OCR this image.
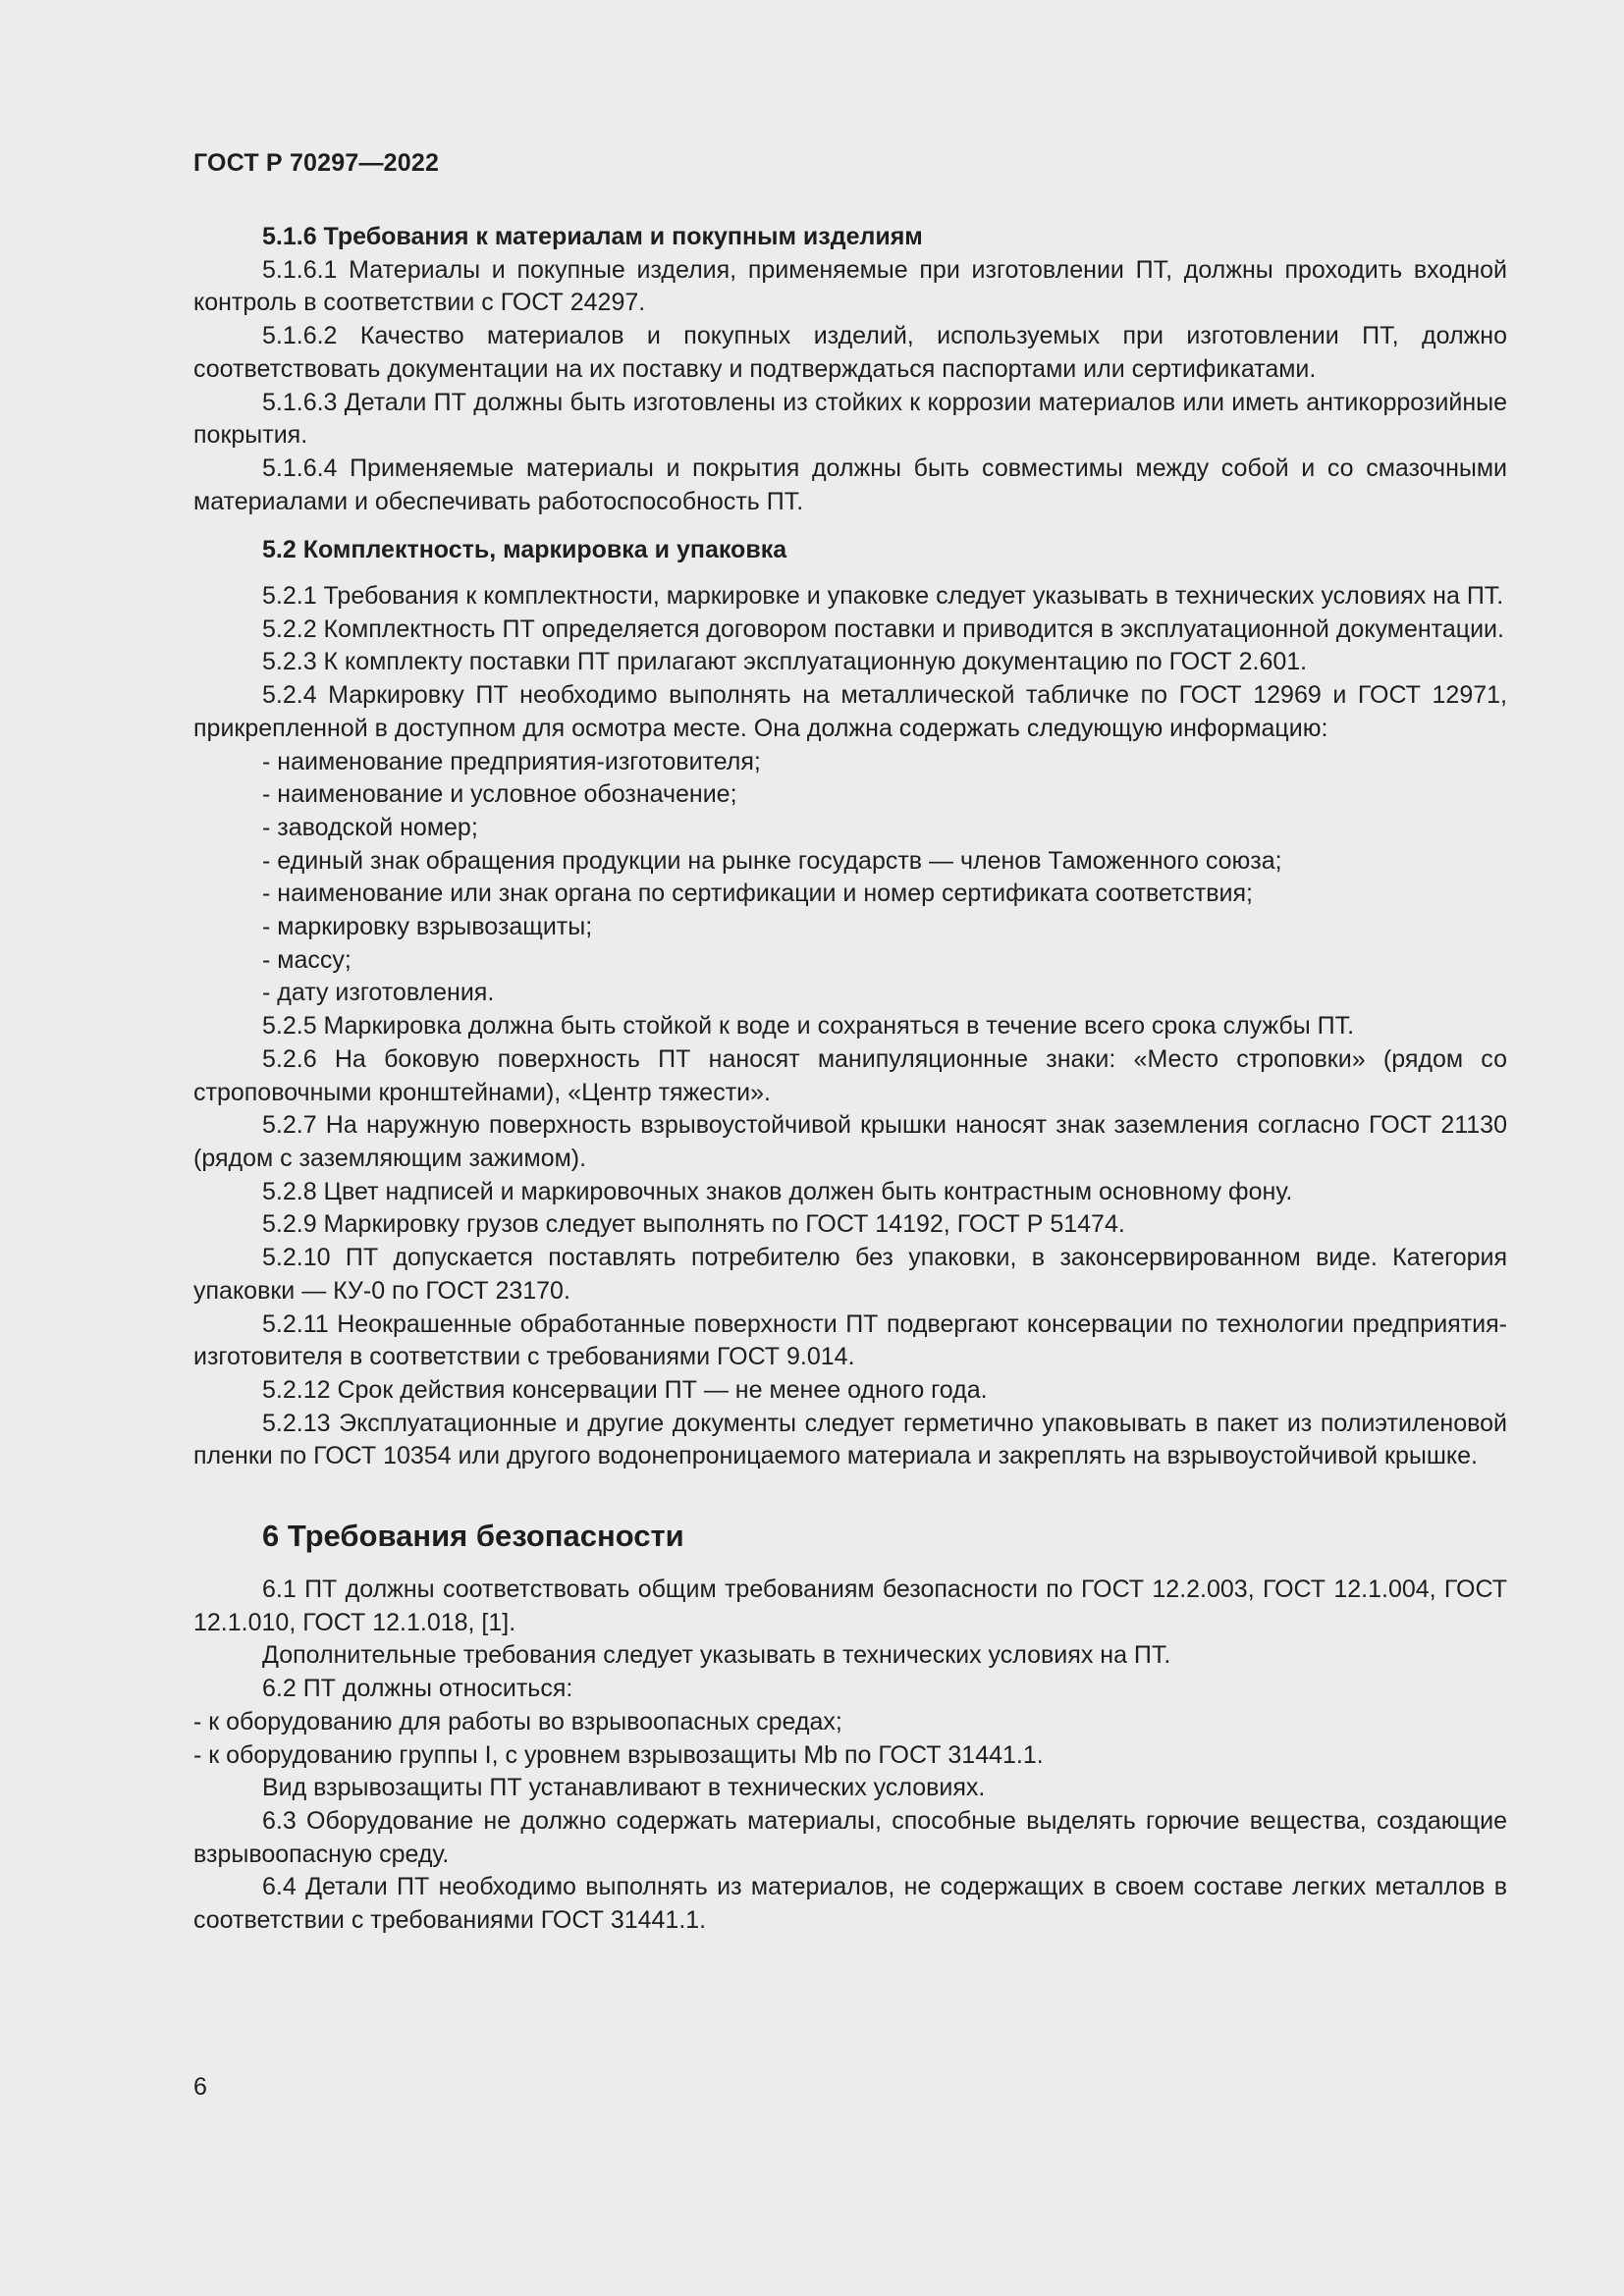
ГОСТ Р 70297—2022

5.1.6 Требования к материалам и покупным изделиям

5.1.6.1 Материалы и покупные изделия, применяемые при изготовлении ПТ, должны проходить входной контроль в соответствии с ГОСТ 24297.

5.1.6.2 Качество материалов и покупных изделий, используемых при изготовлении ПТ, должно соответствовать документации на их поставку и подтверждаться паспортами или сертификатами.

5.1.6.3 Детали ПТ должны быть изготовлены из стойких к коррозии материалов или иметь антикоррозийные покрытия.

5.1.6.4 Применяемые материалы и покрытия должны быть совместимы между собой и со смазочными материалами и обеспечивать работоспособность ПТ.

5.2 Комплектность, маркировка и упаковка

5.2.1 Требования к комплектности, маркировке и упаковке следует указывать в технических условиях на ПТ.

5.2.2 Комплектность ПТ определяется договором поставки и приводится в эксплуатационной документации.

5.2.3 К комплекту поставки ПТ прилагают эксплуатационную документацию по ГОСТ 2.601.

5.2.4 Маркировку ПТ необходимо выполнять на металлической табличке по ГОСТ 12969 и ГОСТ 12971, прикрепленной в доступном для осмотра месте. Она должна содержать следующую информацию:

- наименование предприятия-изготовителя;

- наименование и условное обозначение;

- заводской номер;

- единый знак обращения продукции на рынке государств — членов Таможенного союза;

- наименование или знак органа по сертификации и номер сертификата соответствия;

- маркировку взрывозащиты;

- массу;

- дату изготовления.

5.2.5 Маркировка должна быть стойкой к воде и сохраняться в течение всего срока службы ПТ.

5.2.6 На боковую поверхность ПТ наносят манипуляционные знаки: «Место строповки» (рядом со строповочными кронштейнами), «Центр тяжести».

5.2.7 На наружную поверхность взрывоустойчивой крышки наносят знак заземления согласно ГОСТ 21130 (рядом с заземляющим зажимом).

5.2.8 Цвет надписей и маркировочных знаков должен быть контрастным основному фону.

5.2.9 Маркировку грузов следует выполнять по ГОСТ 14192, ГОСТ Р 51474.

5.2.10 ПТ допускается поставлять потребителю без упаковки, в законсервированном виде. Категория упаковки — КУ-0 по ГОСТ 23170.

5.2.11 Неокрашенные обработанные поверхности ПТ подвергают консервации по технологии предприятия-изготовителя в соответствии с требованиями ГОСТ 9.014.

5.2.12 Срок действия консервации ПТ — не менее одного года.

5.2.13 Эксплуатационные и другие документы следует герметично упаковывать в пакет из полиэтиленовой пленки по ГОСТ 10354 или другого водонепроницаемого материала и закреплять на взрывоустойчивой крышке.

6 Требования безопасности

6.1 ПТ должны соответствовать общим требованиям безопасности по ГОСТ 12.2.003, ГОСТ 12.1.004, ГОСТ 12.1.010, ГОСТ 12.1.018, [1].

Дополнительные требования следует указывать в технических условиях на ПТ.

6.2 ПТ должны относиться:

- к оборудованию для работы во взрывоопасных средах;

- к оборудованию группы I, с уровнем взрывозащиты Mb по ГОСТ 31441.1.

Вид взрывозащиты ПТ устанавливают в технических условиях.

6.3 Оборудование не должно содержать материалы, способные выделять горючие вещества, создающие взрывоопасную среду.

6.4 Детали ПТ необходимо выполнять из материалов, не содержащих в своем составе легких металлов в соответствии с требованиями ГОСТ 31441.1.

6
